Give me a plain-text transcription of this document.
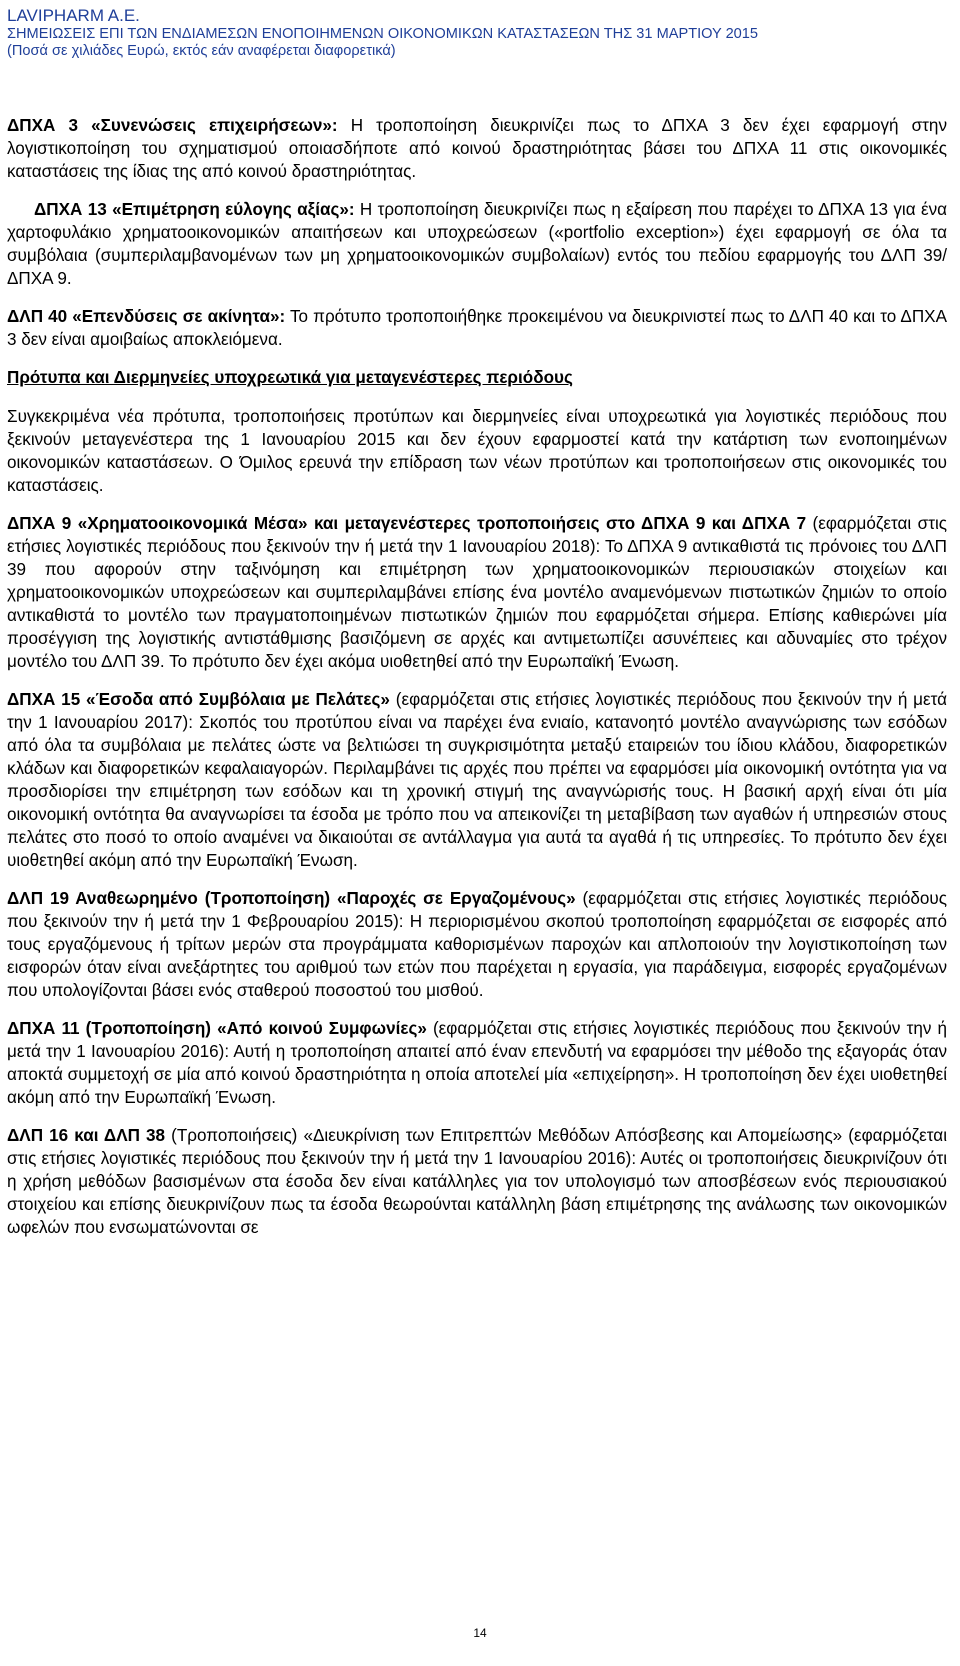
LAVIPHARM A.E.
ΣΗΜΕΙΩΣΕΙΣ ΕΠΙ ΤΩΝ ΕΝΔΙΑΜΕΣΩΝ ΕΝΟΠΟΙΗΜΕΝΩΝ ΟΙΚΟΝΟΜΙΚΩΝ ΚΑΤΑΣΤΑΣΕΩΝ ΤΗΣ 31 ΜΑΡΤΙΟΥ 2015
(Ποσά σε χιλιάδες Ευρώ, εκτός εάν αναφέρεται διαφορετικά)

ΔΠΧΑ 3 «Συνενώσεις επιχειρήσεων»: Η τροποποίηση διευκρινίζει πως το ΔΠΧΑ 3 δεν έχει εφαρμογή στην λογιστικοποίηση του σχηματισμού οποιασδήποτε από κοινού δραστηριότητας βάσει του ΔΠΧΑ 11 στις οικονομικές καταστάσεις της ίδιας της από κοινού δραστηριότητας.

ΔΠΧΑ 13 «Επιμέτρηση εύλογης αξίας»: Η τροποποίηση διευκρινίζει πως η εξαίρεση που παρέχει το ΔΠΧΑ 13 για ένα χαρτοφυλάκιο χρηματοοικονομικών απαιτήσεων και υποχρεώσεων («portfolio exception») έχει εφαρμογή σε όλα τα συμβόλαια (συμπεριλαμβανομένων των μη χρηματοοικονομικών συμβολαίων) εντός του πεδίου εφαρμογής του ΔΛΠ 39/ΔΠΧΑ 9.

ΔΛΠ 40 «Επενδύσεις σε ακίνητα»: Το πρότυπο τροποποιήθηκε προκειμένου να διευκρινιστεί πως το ΔΛΠ 40 και το ΔΠΧΑ 3 δεν είναι αμοιβαίως αποκλειόμενα.

Πρότυπα και Διερμηνείες υποχρεωτικά για μεταγενέστερες περιόδους

Συγκεκριμένα νέα πρότυπα, τροποποιήσεις προτύπων και διερμηνείες είναι υποχρεωτικά για λογιστικές περιόδους που ξεκινούν μεταγενέστερα της 1 Ιανουαρίου 2015 και δεν έχουν εφαρμοστεί κατά την κατάρτιση των ενοποιημένων οικονομικών καταστάσεων. Ο Όμιλος ερευνά την επίδραση των νέων προτύπων και τροποποιήσεων στις οικονομικές του καταστάσεις.

ΔΠΧΑ 9 «Χρηματοοικονομικά Μέσα» και μεταγενέστερες τροποποιήσεις στο ΔΠΧΑ 9 και ΔΠΧΑ 7 (εφαρμόζεται στις ετήσιες λογιστικές περιόδους που ξεκινούν την ή μετά την 1 Ιανουαρίου 2018): Το ΔΠΧΑ 9 αντικαθιστά τις πρόνοιες του ΔΛΠ 39 που αφορούν στην ταξινόμηση και επιμέτρηση των χρηματοοικονομικών περιουσιακών στοιχείων και χρηματοοικονομικών υποχρεώσεων και συμπεριλαμβάνει επίσης ένα μοντέλο αναμενόμενων πιστωτικών ζημιών το οποίο αντικαθιστά το μοντέλο των πραγματοποιημένων πιστωτικών ζημιών που εφαρμόζεται σήμερα. Επίσης καθιερώνει μία προσέγγιση της λογιστικής αντιστάθμισης βασιζόμενη σε αρχές και αντιμετωπίζει ασυνέπειες και αδυναμίες στο τρέχον μοντέλο του ΔΛΠ 39. Το πρότυπο δεν έχει ακόμα υιοθετηθεί από την Ευρωπαϊκή Ένωση.

ΔΠΧΑ 15 «Έσοδα από Συμβόλαια με Πελάτες» (εφαρμόζεται στις ετήσιες λογιστικές περιόδους που ξεκινούν την ή μετά την 1 Ιανουαρίου 2017): Σκοπός του προτύπου είναι να παρέχει ένα ενιαίο, κατανοητό μοντέλο αναγνώρισης των εσόδων από όλα τα συμβόλαια με πελάτες ώστε να βελτιώσει τη συγκρισιμότητα μεταξύ εταιρειών του ίδιου κλάδου, διαφορετικών κλάδων και διαφορετικών κεφαλαιαγορών. Περιλαμβάνει τις αρχές που πρέπει να εφαρμόσει μία οικονομική οντότητα για να προσδιορίσει την επιμέτρηση των εσόδων και τη χρονική στιγμή της αναγνώρισής τους. Η βασική αρχή είναι ότι μία οικονομική οντότητα θα αναγνωρίσει τα έσοδα με τρόπο που να απεικονίζει τη μεταβίβαση των αγαθών ή υπηρεσιών στους πελάτες στο ποσό το οποίο αναμένει να δικαιούται σε αντάλλαγμα για αυτά τα αγαθά ή τις υπηρεσίες. Το πρότυπο δεν έχει υιοθετηθεί ακόμη από την Ευρωπαϊκή Ένωση.

ΔΛΠ 19 Αναθεωρημένο (Τροποποίηση) «Παροχές σε Εργαζομένους» (εφαρμόζεται στις ετήσιες λογιστικές περιόδους που ξεκινούν την ή μετά την 1 Φεβρουαρίου 2015): Η περιορισμένου σκοπού τροποποίηση εφαρμόζεται σε εισφορές από τους εργαζόμενους ή τρίτων μερών στα προγράμματα καθορισμένων παροχών και απλοποιούν την λογιστικοποίηση των εισφορών όταν είναι ανεξάρτητες του αριθμού των ετών που παρέχεται η εργασία, για παράδειγμα, εισφορές εργαζομένων που υπολογίζονται βάσει ενός σταθερού ποσοστού του μισθού.

ΔΠΧΑ 11 (Τροποποίηση) «Από κοινού Συμφωνίες» (εφαρμόζεται στις ετήσιες λογιστικές περιόδους που ξεκινούν την ή μετά την 1 Ιανουαρίου 2016): Αυτή η τροποποίηση απαιτεί από έναν επενδυτή να εφαρμόσει την μέθοδο της εξαγοράς όταν αποκτά συμμετοχή σε μία από κοινού δραστηριότητα η οποία αποτελεί μία «επιχείρηση». Η τροποποίηση δεν έχει υιοθετηθεί ακόμη από την Ευρωπαϊκή Ένωση.

ΔΛΠ 16 και ΔΛΠ 38 (Τροποποιήσεις) «Διευκρίνιση των Επιτρεπτών Μεθόδων Απόσβεσης και Απομείωσης» (εφαρμόζεται στις ετήσιες λογιστικές περιόδους που ξεκινούν την ή μετά την 1 Ιανουαρίου 2016): Αυτές οι τροποποιήσεις διευκρινίζουν ότι η χρήση μεθόδων βασισμένων στα έσοδα δεν είναι κατάλληλες για τον υπολογισμό των αποσβέσεων ενός περιουσιακού στοιχείου και επίσης διευκρινίζουν πως τα έσοδα θεωρούνται κατάλληλη βάση επιμέτρησης της ανάλωσης των οικονομικών ωφελών που ενσωματώνονται σε

14
